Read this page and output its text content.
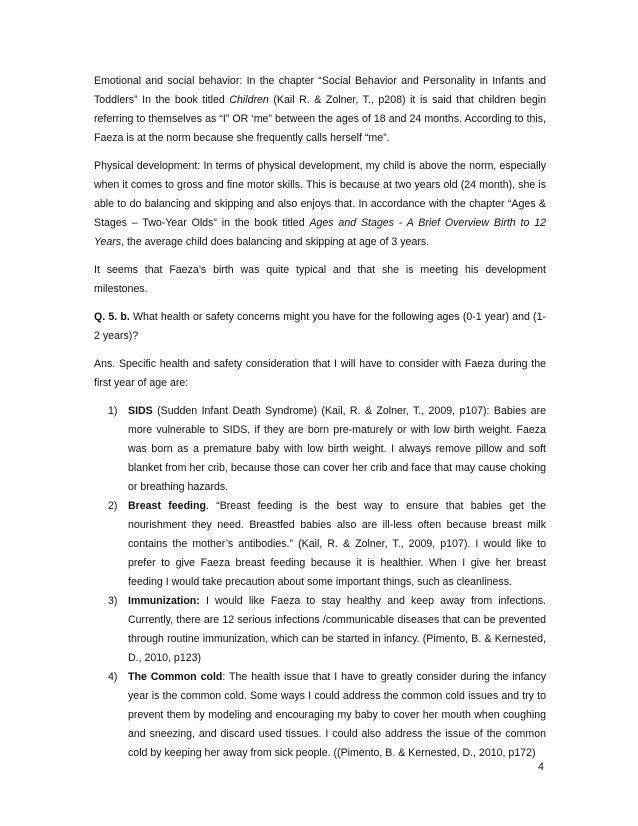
Emotional and social behavior: In the chapter “Social Behavior and Personality in Infants and Toddlers” In the book titled Children (Kail R. & Zolner, T., p208) it is said that children begin referring to themselves as “I” OR ‘me” between the ages of 18 and 24 months. According to this, Faeza is at the norm because she frequently calls herself “me”.

Physical development: In terms of physical development, my child is above the norm, especially when it comes to gross and fine motor skills. This is because at two years old (24 month), she is able to do balancing and skipping and also enjoys that. In accordance with the chapter “Ages & Stages – Two-Year Olds” in the book titled Ages and Stages - A Brief Overview Birth to 12 Years, the average child does balancing and skipping at age of 3 years.

It seems that Faeza’s birth was quite typical and that she is meeting his development milestones.

Q. 5. b. What health or safety concerns might you have for the following ages (0-1 year) and (1-2 years)?

Ans. Specific health and safety consideration that I will have to consider with Faeza during the first year of age are:

1) SIDS (Sudden Infant Death Syndrome) (Kail, R. & Zolner, T., 2009, p107): Babies are more vulnerable to SIDS, if they are born pre-maturely or with low birth weight. Faeza was born as a premature baby with low birth weight. I always remove pillow and soft blanket from her crib, because those can cover her crib and face that may cause choking or breathing hazards.
2) Breast feeding. “Breast feeding is the best way to ensure that babies get the nourishment they need. Breastfed babies also are ill-less often because breast milk contains the mother’s antibodies.” (Kail, R. & Zolner, T., 2009, p107). I would like to prefer to give Faeza breast feeding because it is healthier. When I give her breast feeding I would take precaution about some important things, such as cleanliness.
3) Immunization: I would like Faeza to stay healthy and keep away from infections. Currently, there are 12 serious infections /communicable diseases that can be prevented through routine immunization, which can be started in infancy. (Pimento, B. & Kernested, D., 2010, p123)
4) The Common cold: The health issue that I have to greatly consider during the infancy year is the common cold. Some ways I could address the common cold issues and try to prevent them by modeling and encouraging my baby to cover her mouth when coughing and sneezing, and discard used tissues. I could also address the issue of the common cold by keeping her away from sick people. ((Pimento, B. & Kernested, D., 2010, p172)
4
